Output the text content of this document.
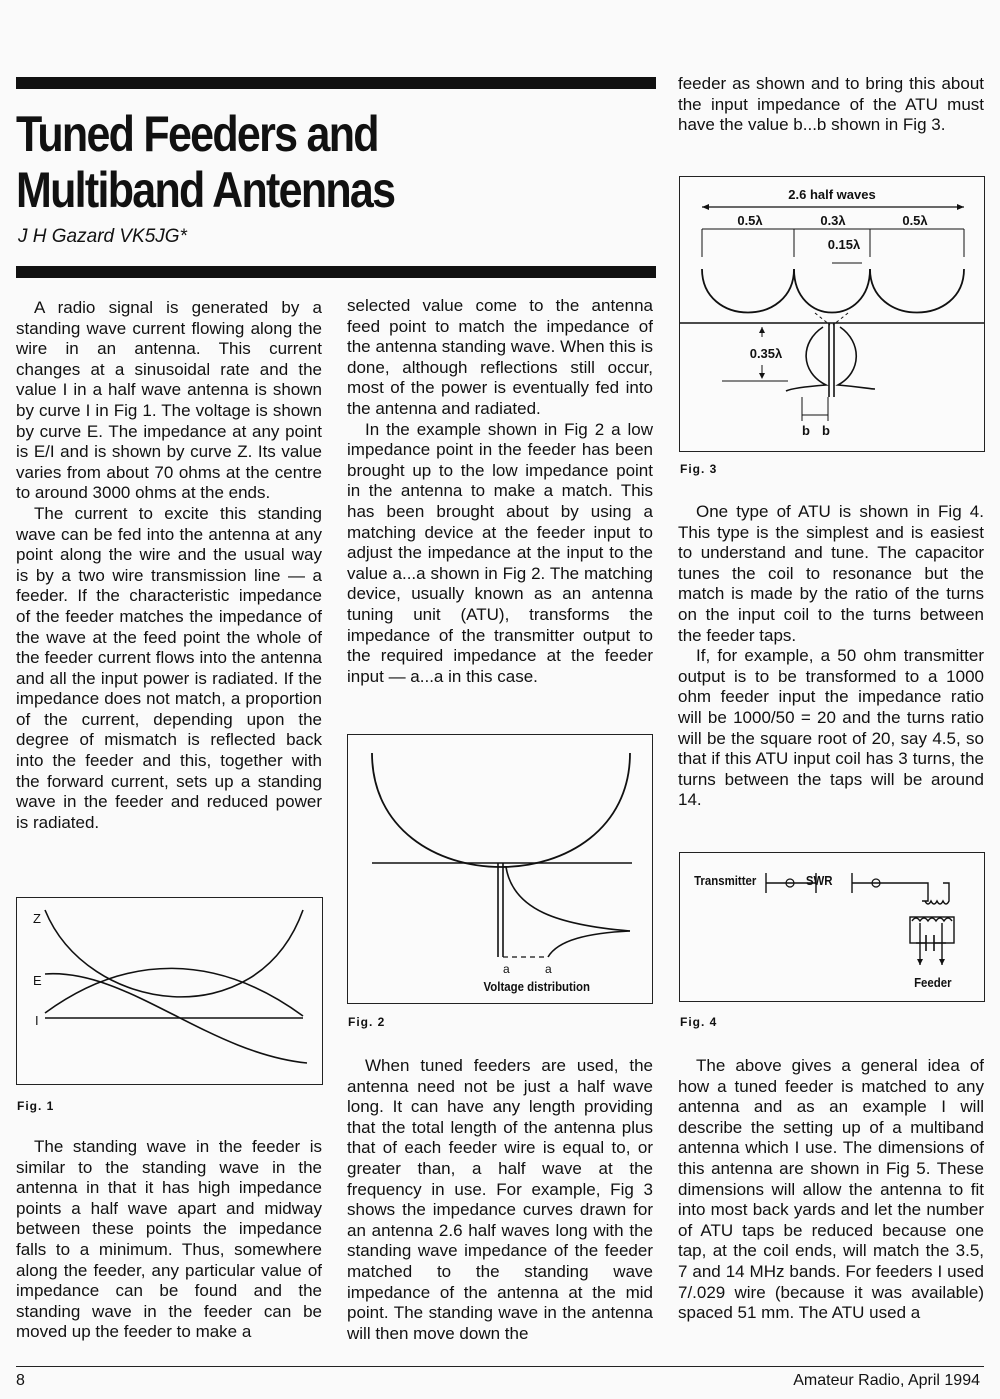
Tuned Feeders and Multiband Antennas

J H Gazard VK5JG*

A radio signal is generated by a standing wave current flowing along the wire in an antenna. This current changes at a sinusoidal rate and the value I in a half wave antenna is shown by curve I in Fig 1. The voltage is shown by curve E. The impedance at any point is E/I and is shown by curve Z. Its value varies from about 70 ohms at the centre to around 3000 ohms at the ends.

The current to excite this standing wave can be fed into the antenna at any point along the wire and the usual way is by a two wire transmission line — a feeder. If the characteristic impedance of the feeder matches the impedance of the wave at the feed point the whole of the feeder current flows into the antenna and all the input power is radiated. If the impedance does not match, a proportion of the current, depending upon the degree of mismatch is reflected back into the feeder and this, together with the forward current, sets up a standing wave in the feeder and reduced power is radiated.

Z
E
I
Fig. 1

The standing wave in the feeder is similar to the standing wave in the antenna in that it has high impedance points a half wave apart and midway between these points the impedance falls to a minimum. Thus, somewhere along the feeder, any particular value of impedance can be found and the standing wave in the feeder can be moved up the feeder to make a

selected value come to the antenna feed point to match the impedance of the antenna standing wave. When this is done, although reflections still occur, most of the power is eventually fed into the antenna and radiated.

In the example shown in Fig 2 a low impedance point in the feeder has been brought up to the low impedance point in the antenna to make a match. This has been brought about by using a matching device at the feeder input to adjust the impedance at the input to the value a...a shown in Fig 2. The matching device, usually known as an antenna tuning unit (ATU), transforms the impedance of the transmitter output to the required impedance at the feeder input — a...a in this case.

a	a
Voltage distribution
Fig. 2

When tuned feeders are used, the antenna need not be just a half wave long. It can have any length providing that the total length of the antenna plus that of each feeder wire is equal to, or greater than, a half wave at the frequency in use. For example, Fig 3 shows the impedance curves drawn for an antenna 2.6 half waves long with the standing wave impedance of the feeder matched to the standing wave impedance of the antenna at the mid point. The standing wave in the antenna will then move down the

feeder as shown and to bring this about the input impedance of the ATU must have the value b...b shown in Fig 3.

2.6 half waves
0.5λ	0.3λ	0.5λ
0.15λ
0.35λ
b b
Fig. 3

One type of ATU is shown in Fig 4. This type is the simplest and is easiest to understand and tune. The capacitor tunes the coil to resonance but the match is made by the ratio of the turns on the input coil to the turns between the feeder taps.

If, for example, a 50 ohm transmitter output is to be transformed to a 1000 ohm feeder input the impedance ratio will be 1000/50 = 20 and the turns ratio will be the square root of 20, say 4.5, so that if this ATU input coil has 3 turns, the turns between the taps will be around 14.

Transmitter	SWR
Feeder
Fig. 4

The above gives a general idea of how a tuned feeder is matched to any antenna and as an example I will describe the setting up of a multiband antenna which I use. The dimensions of this antenna are shown in Fig 5. These dimensions will allow the antenna to fit into most back yards and let the number of ATU taps be reduced because one tap, at the coil ends, will match the 3.5, 7 and 14 MHz bands. For feeders I used 7/.029 wire (because it was available) spaced 51 mm. The ATU used a

8	Amateur Radio, April 1994
